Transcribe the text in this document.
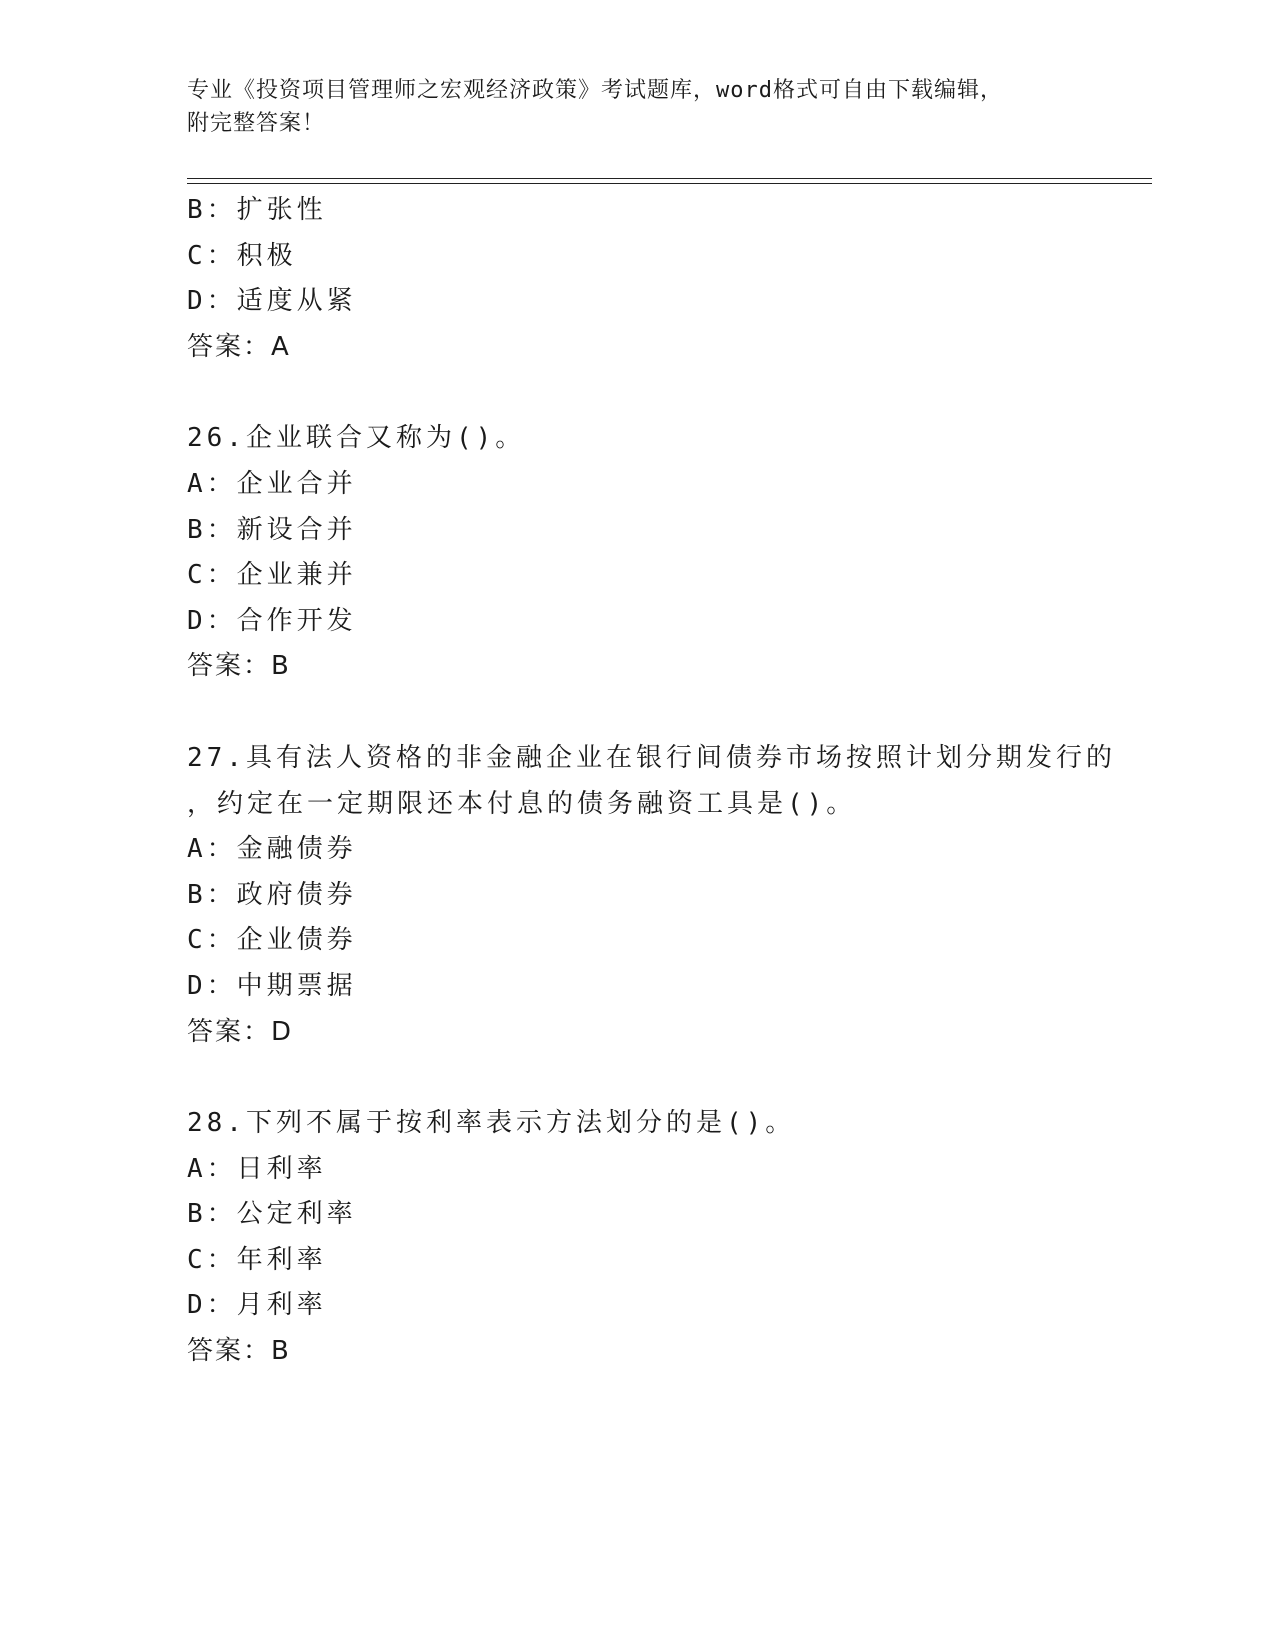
专业《投资项目管理师之宏观经济政策》考试题库，word格式可自由下载编辑，
附完整答案！
B：扩张性
C：积极
D：适度从紧
答案：A
26.企业联合又称为()。
A：企业合并
B：新设合并
C：企业兼并
D：合作开发
答案：B
27.具有法人资格的非金融企业在银行间债券市场按照计划分期发行的
，约定在一定期限还本付息的债务融资工具是()。
A：金融债券
B：政府债券
C：企业债券
D：中期票据
答案：D
28.下列不属于按利率表示方法划分的是()。
A：日利率
B：公定利率
C：年利率
D：月利率
答案：B
